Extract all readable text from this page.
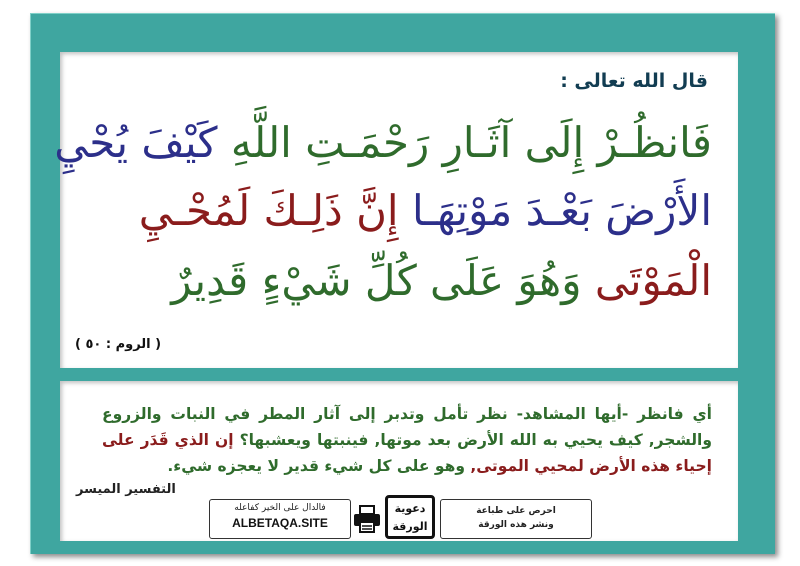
قال الله تعالى :
فَانظُـرْ إِلَى آثَـارِ رَحْمَـتِ اللَّهِ كَيْفَ يُحْيِ
الأَرْضَ بَعْـدَ مَوْتِهَـا إِنَّ ذَلِـكَ لَمُحْـيِ
الْمَوْتَى وَهُوَ عَلَى كُلِّ شَيْءٍ قَدِيرٌ
( الروم : ٥٠ )
أي فانظر -أيها المشاهد- نظر تأمل وتدبر إلى آثار المطر في النبات والزروع والشجر, كيف يحيي به الله الأرض بعد موتها, فينبتها ويعشبها؟ إن الذي قَدَر على إحياء هذه الأرض لمحيي الموتى, وهو على كل شيء قدير لا يعجزه شيء.
التفسير الميسر
فالدال على الخير كفاعله
ALBETAQA.SITE
دعوية الورقة
احرص على طباعة
ونشر هذه الورقة
